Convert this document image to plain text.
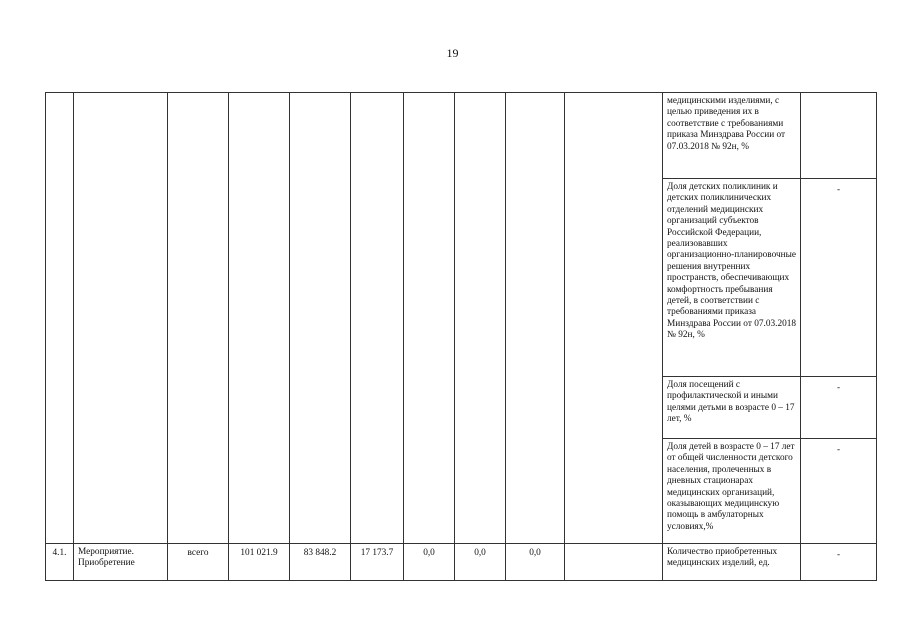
19

										медицинскими изделиями, с целью приведения их в соответствие с требованиями приказа Минздрава России от 07.03.2018 № 92н, %	

										Доля детских поликлиник и детских поликлинических отделений медицинских организаций субъектов Российской Федерации, реализовавших организационно-планировочные решения внутренних пространств, обеспечивающих комфортность пребывания детей, в соответствии с требованиями приказа Минздрава России от 07.03.2018 № 92н, %	-

										Доля посещений с профилактической и иными целями детьми в возрасте 0 – 17 лет, %	-

										Доля детей в возрасте 0 – 17 лет от общей численности детского населения, пролеченных в дневных стационарах медицинских организаций, оказывающих медицинскую помощь в амбулаторных условиях,%	-

4.1.	Мероприятие. Приобретение	всего	101 021.9	83 848.2	17 173.7	0,0	0,0	0,0		Количество приобретенных медицинских изделий, ед.	-
